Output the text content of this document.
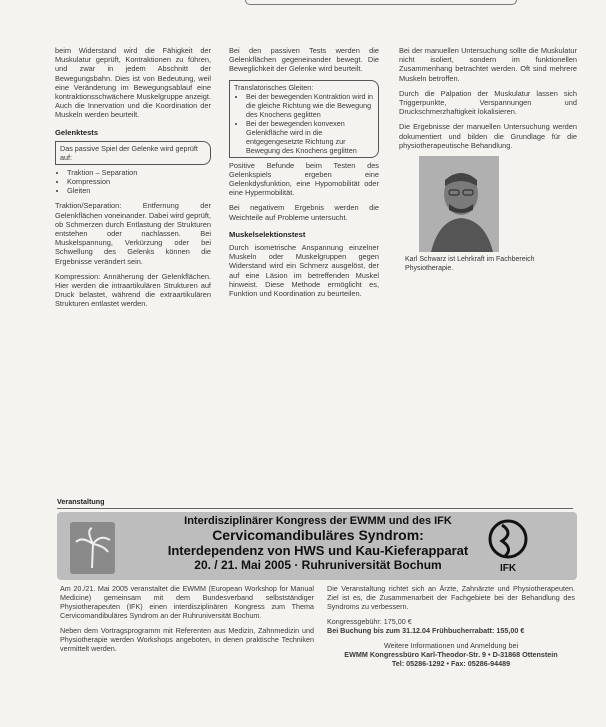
beim Widerstand wird die Fähigkeit der Muskulatur geprüft, Kontraktionen zu führen, und zwar in jedem Abschnitt der Bewegungsbahn. Dies ist von Bedeutung, weil eine Veränderung im Bewegungsablauf eine kontraktionsschwächere Muskelgruppe anzeigt. Auch die Innervation und die Koordination der Muskeln werden beurteilt.

Gelenktests
Das passive Spiel der Gelenke wird geprüft auf:
• Traktion – Separation
• Kompression
• Gleiten

Traktion/Separation: Entfernung der Gelenkflächen voneinander. Dabei wird geprüft, ob Schmerzen durch Entlastung der Strukturen entstehen oder nachlassen. Bei Muskelspannung, Verkürzung oder bei Schwellung des Gelenks können die Ergebnisse verändert sein.

Kompression: Annäherung der Gelenkflächen. Hier werden die intraartikulären Strukturen auf Druck belastet, während die extraartikulären Strukturen entlastet werden.

Bei den passiven Tests werden die Gelenkflächen gegeneinander bewegt. Die Beweglichkeit der Gelenke wird beurteilt.

Translatorisches Gleiten:
• Bei der bewegenden Kontraktion wird in die gleiche Richtung wie die Bewegung des Knochens geglitten
• Bei der bewegenden konvexen Gelenkfläche wird in die entgegengesetzte Richtung zur Bewegung des Knochens geglitten

Positive Befunde beim Testen des Gelenkspiels ergeben eine Gelenkdysfunktion, eine Hypomobilität oder eine Hypermobilität.

Bei negativem Ergebnis werden die Weichteile auf Probleme untersucht.

Muskelselektionstest

Durch isometrische Anspannung einzelner Muskeln oder Muskelgruppen gegen Widerstand wird ein Schmerz ausgelöst, der auf eine Läsion im betreffenden Muskel hinweist. Diese Methode ermöglicht es, Funktion und Koordination zu beurteilen.

Bei der manuellen Untersuchung sollte die Muskulatur nicht isoliert, sondern im funktionellen Zusammenhang betrachtet werden. Oft sind mehrere Muskeln betroffen.

Durch die Palpation der Muskulatur lassen sich Triggerpunkte, Verspannungen und Druckschmerzhaftigkeit lokalisieren.

Die Ergebnisse der manuellen Untersuchung werden dokumentiert und bilden die Grundlage für die physiotherapeutische Behandlung.

Karl Schwarz ist Lehrkraft im Fachbereich Physiotherapie.
Veranstaltung
Interdisziplinärer Kongress der EWMM und des IFK
Cervicomandibuläres Syndrom:
Interdependenz von HWS und Kau-Kieferapparat
20. / 21. Mai 2005 · Ruhruniversität Bochum	IFK

Am 20./21. Mai 2005 veranstaltet die EWMM (European Workshop for Manual Medicine) gemeinsam mit dem Bundesverband selbstständiger Physiotherapeuten (IFK) einen interdisziplinären Kongress zum Thema Cervicomandibuläres Syndrom an der Ruhruniversität Bochum.

Neben dem Vortragsprogramm mit Referenten aus Medizin, Zahnmedizin und Physiotherapie werden Workshops angeboten, in denen praktische Techniken vermittelt werden.

Die Veranstaltung richtet sich an Ärzte, Zahnärzte und Physiotherapeuten. Ziel ist es, die Zusammenarbeit der Fachgebiete bei der Behandlung des Syndroms zu verbessern.

Kongressgebühr: 175,00 €

Bei Buchung bis zum 31.12.04 Frühbucherrabatt: 155,00 €

Weitere Informationen und Anmeldung bei

EWMM Kongressbüro Karl-Theodor-Str. 9 • D-31868 Ottenstein

Tel: 05286-1292 • Fax: 05286-94489
